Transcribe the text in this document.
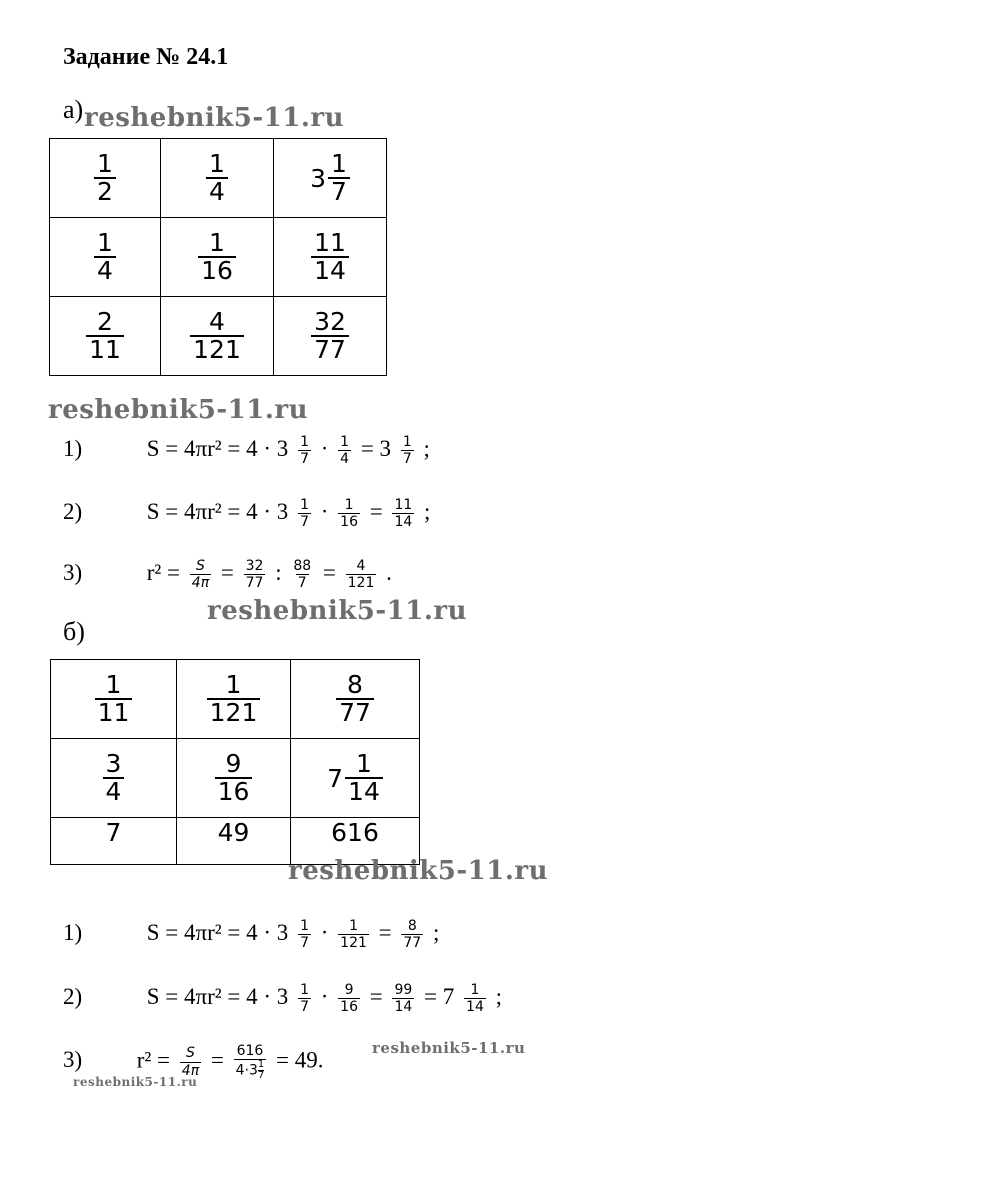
Задание № 24.1
а) reshebnik5-11.ru
$\frac{1}{2}$	$\frac{1}{4}$	$3 \frac{1}{7}$

$\frac{1}{4}$	$\frac{1}{16}$	$\frac{11}{14}$

$\frac{2}{11}$	$\frac{4}{121}$	$\frac{32}{77}$
reshebnik5-11.ru
1)	$S = 4\pi r^2 = 4 \cdot 3 \frac{1}{7} \cdot \frac{1}{4} = 3 \frac{1}{7}$ ;
2)	$S = 4\pi r^2 = 4 \cdot 3 \frac{1}{7} \cdot \frac{1}{16} = \frac{11}{14}$ ;
3)	$r^2 = \frac{S}{4\pi} = \frac{32}{77}$ : $\frac{88}{7} = \frac{4}{121}$ .
reshebnik5-11.ru
б)
$\frac{1}{11}$	$\frac{1}{121}$	$\frac{8}{77}$

$\frac{3}{4}$	$\frac{9}{16}$	$7 \frac{1}{14}$

7	49	616
reshebnik5-11.ru
1)	$S = 4\pi r^2 = 4 \cdot 3 \frac{1}{7} \cdot \frac{1}{121} = \frac{8}{77}$ ;
2)	$S = 4\pi r^2 = 4 \cdot 3 \frac{1}{7} \cdot \frac{9}{16} = \frac{99}{14} = 7 \frac{1}{14}$ ;
3) $r^2 = \frac{S}{4\pi} = 616$
4·3 1
7 = 49.	reshebnik5-11.ru
reshebnik5-11.ru
